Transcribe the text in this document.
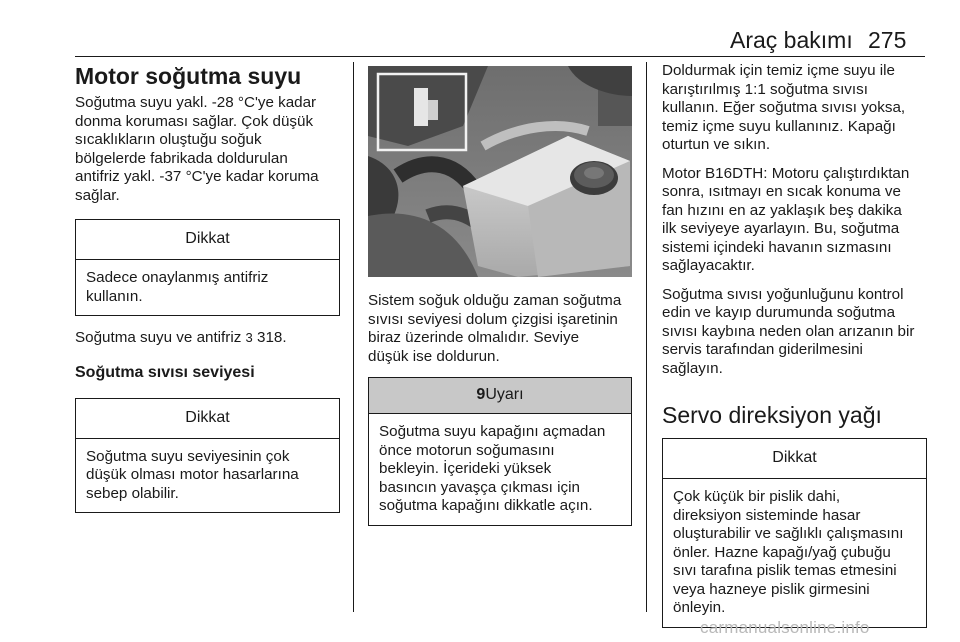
Araç bakımı 275
Motor soğutma suyu

Soğutma suyu yakl. -28 °C'ye kadar
donma koruması sağlar. Çok düşük
sıcaklıkların oluştuğu soğuk
bölgelerde fabrikada doldurulan
antifriz yakl. -37 °C'ye kadar koruma
sağlar.

Dikkat
Sadece onaylanmış antifriz
kullanın.

Soğutma suyu ve antifriz 3 318.

Soğutma sıvısı seviyesi
Dikkat
Soğutma suyu seviyesinin çok
düşük olması motor hasarlarına
sebep olabilir.

Sistem soğuk olduğu zaman soğutma
sıvısı seviyesi dolum çizgisi işaretinin
biraz üzerinde olmalıdır. Seviye
düşük ise doldurun.

9Uyarı
Soğutma suyu kapağını açmadan
önce motorun soğumasını
bekleyin. İçerideki yüksek
basıncın yavaşça çıkması için
soğutma kapağını dikkatle açın.

Doldurmak için temiz içme suyu ile
karıştırılmış 1:1 soğutma sıvısı
kullanın. Eğer soğutma sıvısı yoksa,
temiz içme suyu kullanınız. Kapağı
oturtun ve sıkın.

Motor B16DTH: Motoru çalıştırdıktan
sonra, ısıtmayı en sıcak konuma ve
fan hızını en az yaklaşık beş dakika
ilk seviyeye ayarlayın. Bu, soğutma
sistemi içindeki havanın sızmasını
sağlayacaktır.

Soğutma sıvısı yoğunluğunu kontrol
edin ve kayıp durumunda soğutma
sıvısı kaybına neden olan arızanın bir
servis tarafından giderilmesini
sağlayın.

Servo direksiyon yağı
Dikkat
Çok küçük bir pislik dahi,
direksiyon sisteminde hasar
oluşturabilir ve sağlıklı çalışmasını
önler. Hazne kapağı/yağ çubuğu
sıvı tarafına pislik temas etmesini
veya hazneye pislik girmesini
önleyin.
carmanualsonline.info
